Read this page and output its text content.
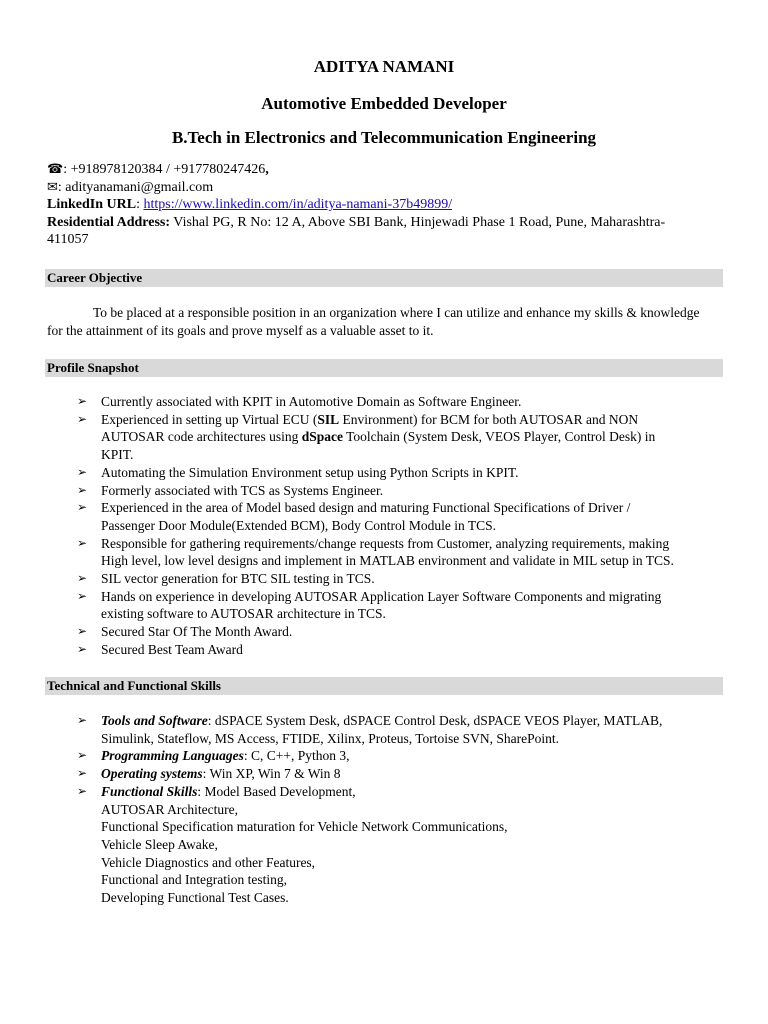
ADITYA NAMANI
Automotive Embedded Developer
B.Tech in Electronics and Telecommunication Engineering
☎: +918978120384 / +917780247426,
✉: adityanamani@gmail.com
LinkedIn URL: https://www.linkedin.com/in/aditya-namani-37b49899/
Residential Address: Vishal PG, R No: 12 A, Above SBI Bank, Hinjewadi Phase 1 Road, Pune, Maharashtra-
411057
Career Objective
To be placed at a responsible position in an organization where I can utilize and enhance my skills & knowledge
for the attainment of its goals and prove myself as a valuable asset to it.
Profile Snapshot
➢ Currently associated with KPIT in Automotive Domain as Software Engineer.
➢ Experienced in setting up Virtual ECU (SIL Environment) for BCM for both AUTOSAR and NON
AUTOSAR code architectures using dSpace Toolchain (System Desk, VEOS Player, Control Desk) in
KPIT.
➢ Automating the Simulation Environment setup using Python Scripts in KPIT.
➢ Formerly associated with TCS as Systems Engineer.
➢ Experienced in the area of Model based design and maturing Functional Specifications of Driver /
Passenger Door Module(Extended BCM), Body Control Module in TCS.
➢ Responsible for gathering requirements/change requests from Customer, analyzing requirements, making
High level, low level designs and implement in MATLAB environment and validate in MIL setup in TCS.
➢ SIL vector generation for BTC SIL testing in TCS.
➢ Hands on experience in developing AUTOSAR Application Layer Software Components and migrating
existing software to AUTOSAR architecture in TCS.
➢ Secured Star Of The Month Award.
➢ Secured Best Team Award
Technical and Functional Skills
➢ Tools and Software: dSPACE System Desk, dSPACE Control Desk, dSPACE VEOS Player, MATLAB,
Simulink, Stateflow, MS Access, FTIDE, Xilinx, Proteus, Tortoise SVN, SharePoint.
➢ Programming Languages: C, C++, Python 3,
➢ Operating systems: Win XP, Win 7 & Win 8
➢ Functional Skills: Model Based Development,
AUTOSAR Architecture,
Functional Specification maturation for Vehicle Network Communications,
Vehicle Sleep Awake,
Vehicle Diagnostics and other Features,
Functional and Integration testing,
Developing Functional Test Cases.
